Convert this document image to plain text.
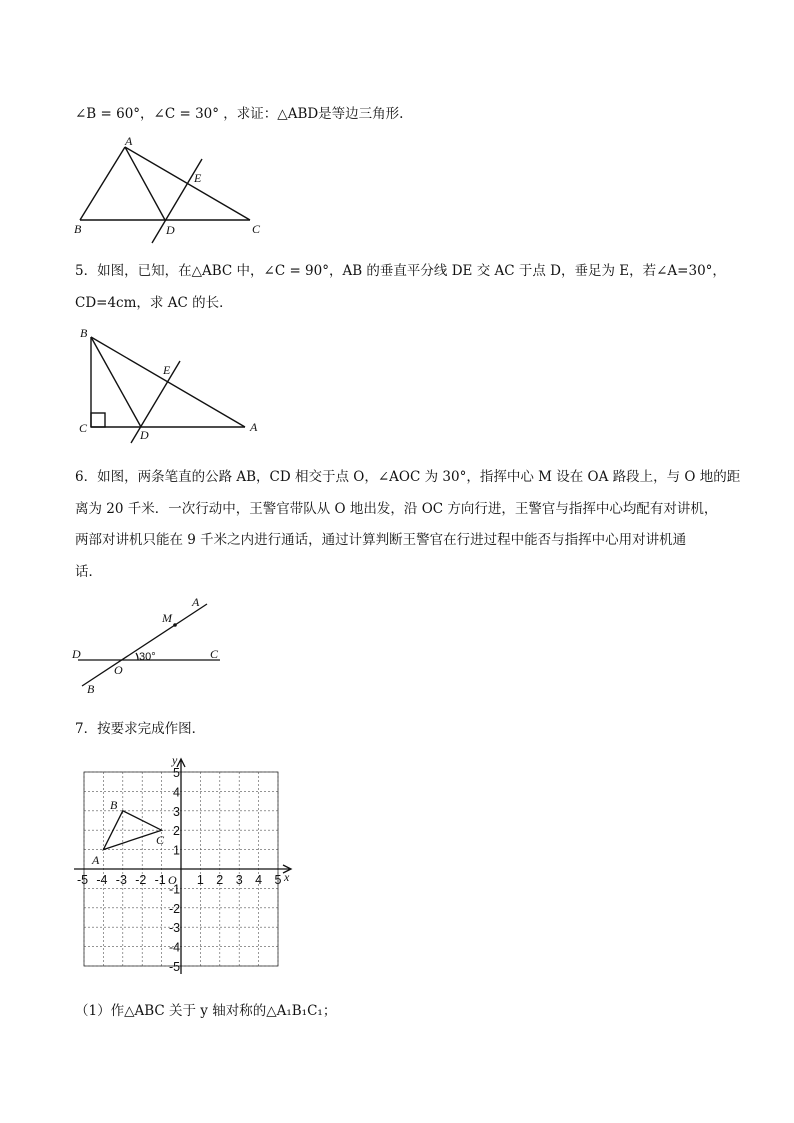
∠B = 60°，∠C = 30° ，求证：△ABD是等边三角形.
A
B	C
D
E
5．如图，已知，在△ABC 中，∠C = 90°，AB 的垂直平分线 DE 交 AC 于点 D，垂足为 E，若∠A=30°，
CD=4cm，求 AC 的长．
B
C	A
D
E
6．如图，两条笔直的公路 AB，CD 相交于点 O，∠AOC 为 30°，指挥中心 M 设在 OA 路段上，与 O 地的距
离为 20 千米．一次行动中，王警官带队从 O 地出发，沿 OC 方向行进，王警官与指挥中心均配有对讲机，
两部对讲机只能在 9 千米之内进行通话，通过计算判断王警官在行进过程中能否与指挥中心用对讲机通
话．
D	C
A
B
M
O
30°
7．按要求完成作图．
-5 -4 -3 -2 -1 1 2 3 4 5
5
4
3
2
1
-1
-2
-3
-4
-5
x
y
O
A
B
C
（1）作△ABC 关于 y 轴对称的△A₁B₁C₁；
